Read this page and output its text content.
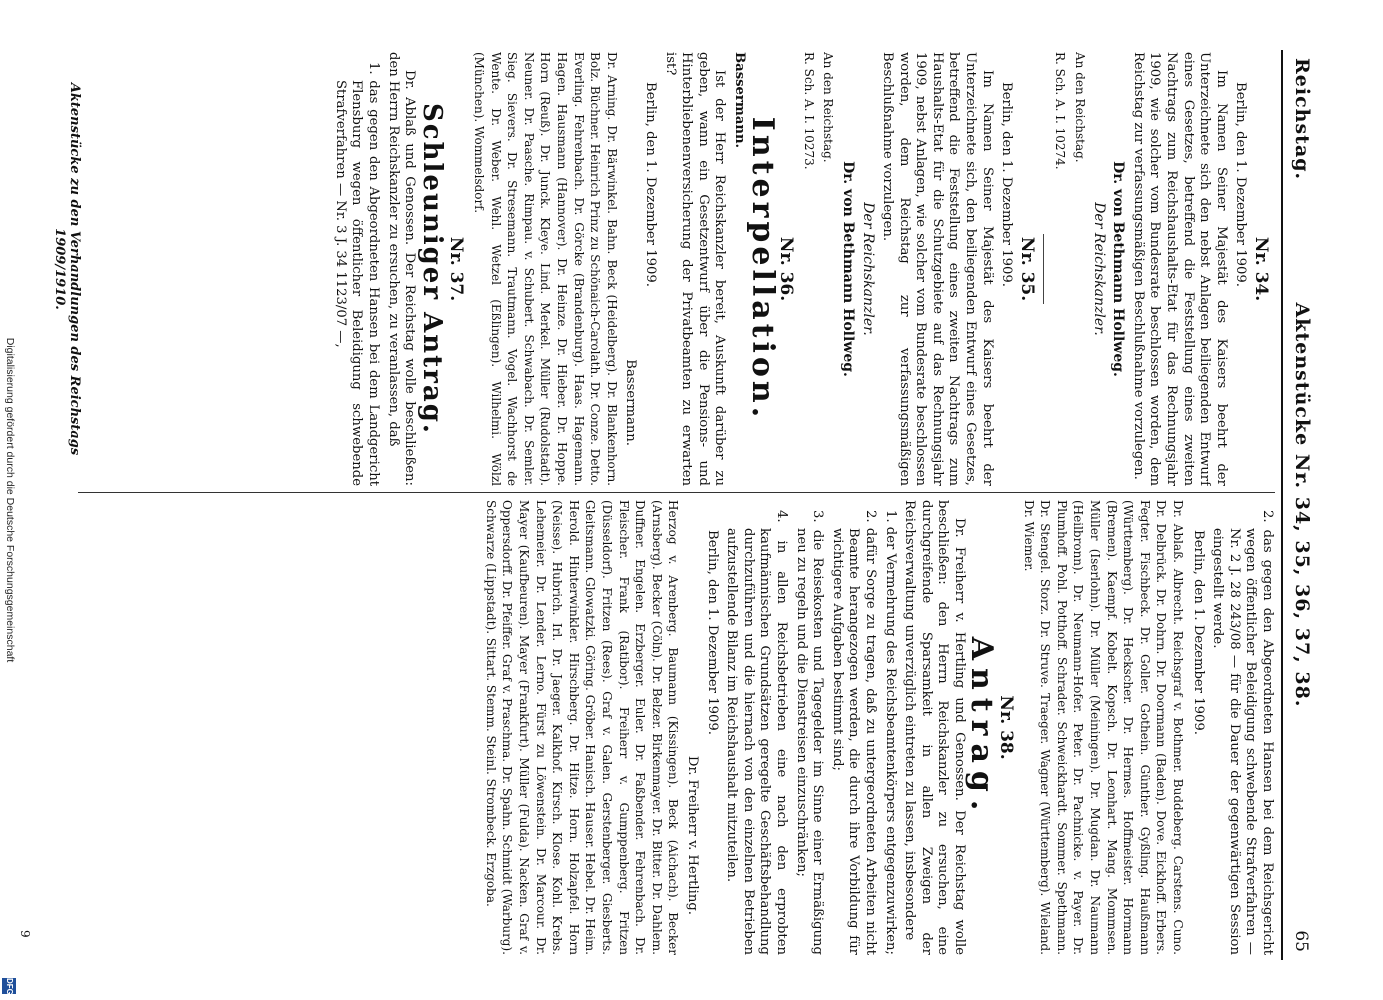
Reichstag.
Aktenstücke Nr. 34, 35, 36, 37, 38.
65
Nr. 34.
Berlin, den 1. Dezember 1909.
Im Namen Seiner Majestät des Kaisers beehrt der Unterzeichnete sich den nebst Anlagen beiliegenden Entwurf eines Gesetzes, betreffend die Feststellung eines zweiten Nachtrags zum Reichshaushalts-Etat für das Rechnungsjahr 1909, wie solcher vom Bundesrate beschlossen worden, dem Reichstag zur verfassungsmäßigen Beschlußnahme vorzulegen.
Dr. von Bethmann Hollweg.
Der Reichskanzler.
An den Reichstag.
R. Sch. A. I. 10274.
Nr. 35.
Berlin, den 1. Dezember 1909.
Im Namen Seiner Majestät des Kaisers beehrt der Unterzeichnete sich, den beiliegenden Entwurf eines Gesetzes, betreffend die Feststellung eines zweiten Nachtrags zum Haushalts-Etat für die Schutzgebiete auf das Rechnungsjahr 1909, nebst Anlagen, wie solcher vom Bundesrate beschlossen worden, dem Reichstag zur verfassungsmäßigen Beschlußnahme vorzulegen.
Der Reichskanzler.
Dr. von Bethmann Hollweg.
An den Reichstag.
R. Sch. A. I. 10273.
Nr. 36.
Interpellation.
Bassermann.
Ist der Herr Reichskanzler bereit, Auskunft darüber zu geben, wann ein Gesetzentwurf über die Pensions- und Hinterbliebenenversicherung der Privatbeamten zu erwarten ist?
Berlin, den 1. Dezember 1909.
Bassermann.
Dr. Arning. Dr. Bärwinkel. Bahn. Beck (Heidelberg). Dr. Blankenhorn. Bolz. Büchner. Heinrich Prinz zu Schönaich-Carolath. Dr. Conze. Detto. Everling. Fehrenbach. Dr. Görcke (Brandenburg). Haas. Hagemann. Hagen. Hausmann (Hannover). Dr. Heinze. Dr. Hieber. Dr. Hoppe. Horn (Reuß). Dr. Junck. Kleye. Lind. Merkel. Müller (Rudolstadt). Neuner. Dr. Paasche. Rimpau. v. Schubert. Schwabach. Dr. Semler. Sieg. Sievers. Dr. Stresemann. Trautmann. Vogel. Wachhorst de Wente. Dr. Weber. Wehl. Wetzel (Eßlingen). Wilhelmi. Wölzl (München). Wommelsdorf.
Nr. 37.
Schleuniger Antrag.
Dr. Ablaß und Genossen. Der Reichstag wolle beschließen: den Herrn Reichskanzler zu ersuchen, zu veranlassen, daß
1. das gegen den Abgeordneten Hansen bei dem Landgericht Flensburg wegen öffentlicher Beleidigung schwebende Strafverfahren — Nr. 3 J. 34 1123/07 —,
Aktenstücke zu den Verhandlungen des Reichstags 1909/1910.
2. das gegen den Abgeordneten Hansen bei dem Reichsgericht wegen öffentlicher Beleidigung schwebende Strafverfahren — Nr. 2 J. 28 243/08 — für die Dauer der gegenwärtigen Session eingestellt werde.
Berlin, den 1. Dezember 1909.
Dr. Ablaß. Albrecht. Reichsgraf v. Bothmer. Buddeberg. Carstens. Cuno. Dr. Delbrück. Dr. Dohrn. Dr. Doormann (Baden). Dove. Eickhoff. Erbers. Fegter. Fischbeck. Dr. Goller. Gothein. Günther. Gyßling. Haußmann (Württemberg). Dr. Heckscher. Dr. Hermes. Hoffmeister. Hormann (Bremen). Kaempf. Kobelt. Kopsch. Dr. Leonhart. Mang. Mommsen. Müller (Iserlohn). Dr. Müller (Meiningen). Dr. Mugdan. Dr. Naumann (Heilbronn). Dr. Neumann-Hofer. Peter. Dr. Pachnicke. v. Payer. Dr. Plumhoff. Pohl. Potthoff. Schrader. Schweickhardt. Sommer. Spethmann. Dr. Stengel. Storz. Dr. Struve. Traeger. Wagner (Württemberg). Wieland. Dr. Wiemer.
Nr. 38.
Antrag.
Dr. Freiherr v. Hertling und Genossen. Der Reichstag wolle beschließen: den Herrn Reichskanzler zu ersuchen, eine durchgreifende Sparsamkeit in allen Zweigen der Reichsverwaltung unverzüglich eintreten zu lassen, insbesondere
1. der Vermehrung des Reichsbeamtenkörpers entgegenzuwirken;
2. dafür Sorge zu tragen, daß zu untergeordneten Arbeiten nicht Beamte herangezogen werden, die durch ihre Vorbildung für wichtigere Aufgaben bestimmt sind;
3. die Reisekosten und Tagegelder im Sinne einer Ermäßigung neu zu regeln und die Dienstreisen einzuschränken;
4. in allen Reichsbetrieben eine nach den erprobten kaufmännischen Grundsätzen geregelte Geschäftsbehandlung durchzuführen und die hiernach von den einzelnen Betrieben aufzustellende Bilanz im Reichshaushalt mitzuteilen.
Berlin, den 1. Dezember 1909.
Dr. Freiherr v. Hertling.
Herzog v. Arenberg. Baumann (Kissingen). Beck (Aichach). Becker (Arnsberg). Becker (Cöln). Dr. Belzer. Birkenmayer. Dr. Bitter. Dr. Dahlem. Duffner. Engelen. Erzberger. Euler. Dr. Faßbender. Fehrenbach. Dr. Fleischer. Frank (Ratibor). Freiherr v. Gumppenberg. Fritzen (Düsseldorf). Fritzen (Rees). Graf v. Galen. Gerstenberger. Giesberts. Gleitsmann. Glowatzki. Göring. Gröber. Hanisch. Hauser. Hebel. Dr. Heim. Herold. Hinterwinkler. Hirschberg. Dr. Hitze. Horn. Holzapfel. Horn (Neisse). Hubrich. Irl. Dr. Jaeger. Kalkhof. Kirsch. Klose. Kohl. Krebs. Lehemeier. Dr. Lender. Lerno. Fürst zu Löwenstein. Dr. Marcour. Dr. Mayer (Kaufbeuren). Mayer (Frankfurt). Müller (Fulda). Nacken. Graf v. Oppersdorff. Dr. Pfeiffer. Graf v. Praschma. Dr. Spahn. Schmidt (Warburg). Schwarze (Lippstadt). Sittart. Stemm. Steinl. Strombeck. Erzgoba.
9
Digitalisierung gefördert durch die Deutsche Forschungsgemeinschaft
DFG
